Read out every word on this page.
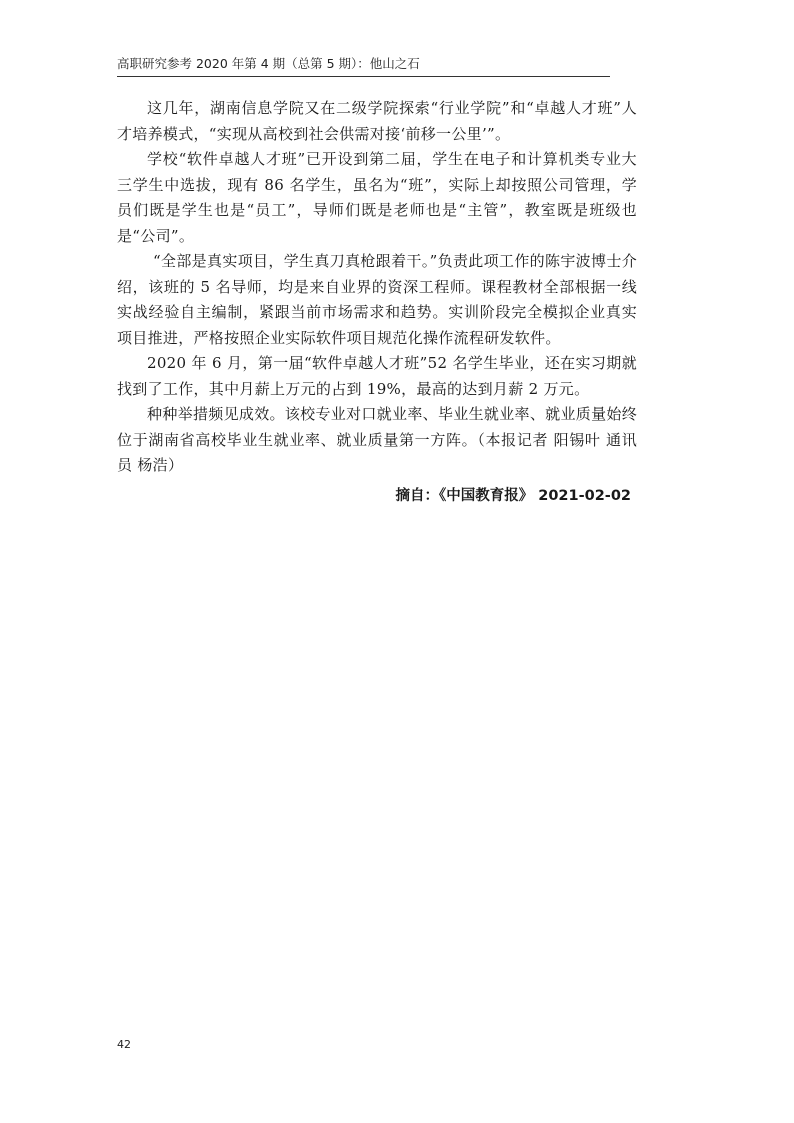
高职研究参考 2020 年第 4 期（总第 5 期）：他山之石

这几年，湖南信息学院又在二级学院探索“行业学院”和“卓越人才班”人才培养模式，“实现从高校到社会供需对接‘前移一公里’”。

学校“软件卓越人才班”已开设到第二届，学生在电子和计算机类专业大三学生中选拔，现有 86 名学生，虽名为“班”，实际上却按照公司管理，学员们既是学生也是“员工”，导师们既是老师也是“主管”，教室既是班级也是“公司”。

“全部是真实项目，学生真刀真枪跟着干。”负责此项工作的陈宇波博士介绍，该班的 5 名导师，均是来自业界的资深工程师。课程教材全部根据一线实战经验自主编制，紧跟当前市场需求和趋势。实训阶段完全模拟企业真实项目推进，严格按照企业实际软件项目规范化操作流程研发软件。

2020 年 6 月，第一届“软件卓越人才班”52 名学生毕业，还在实习期就找到了工作，其中月薪上万元的占到 19%，最高的达到月薪 2 万元。

种种举措频见成效。该校专业对口就业率、毕业生就业率、就业质量始终位于湖南省高校毕业生就业率、就业质量第一方阵。（本报记者 阳锡叶 通讯员 杨浩）

摘自：《中国教育报》 2021-02-02

42
